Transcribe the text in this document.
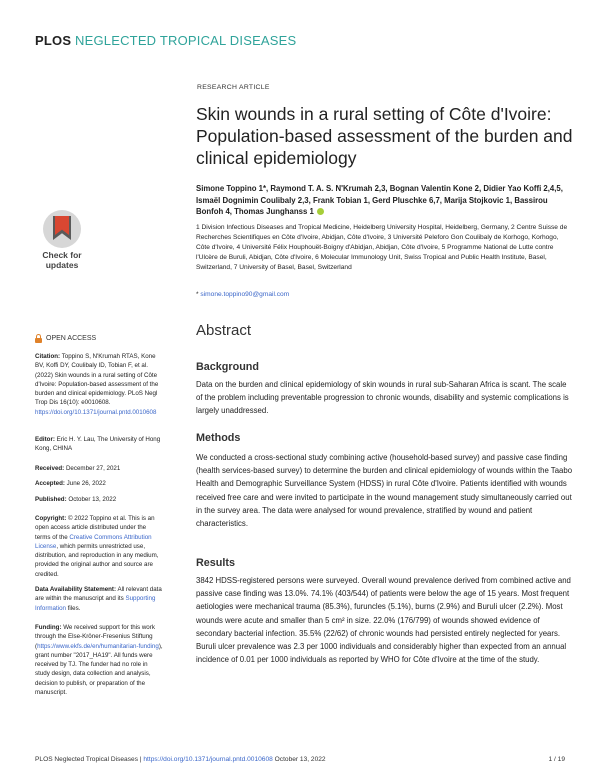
PLOS NEGLECTED TROPICAL DISEASES
Check for
updates
OPEN ACCESS
Citation: Toppino S, N'Krumah RTAS, Kone BV, Koffi DY, Coulibaly ID, Tobian F, et al. (2022) Skin wounds in a rural setting of Côte d'Ivoire: Population-based assessment of the burden and clinical epidemiology. PLoS Negl Trop Dis 16(10): e0010608. https://doi.org/10.1371/journal.pntd.0010608
Editor: Eric H. Y. Lau, The University of Hong Kong, CHINA
Received: December 27, 2021
Accepted: June 26, 2022
Published: October 13, 2022
Copyright: © 2022 Toppino et al. This is an open access article distributed under the terms of the Creative Commons Attribution License, which permits unrestricted use, distribution, and reproduction in any medium, provided the original author and source are credited.
Data Availability Statement: All relevant data are within the manuscript and its Supporting Information files.
Funding: We received support for this work through the Else-Kröner-Fresenius Stiftung (https://www.ekfs.de/en/humanitarian-funding), grant number "2017_HA19". All funds were received by TJ. The funder had no role in study design, data collection and analysis, decision to publish, or preparation of the manuscript.
RESEARCH ARTICLE
Skin wounds in a rural setting of Côte d'Ivoire: Population-based assessment of the burden and clinical epidemiology
Simone Toppino 1*, Raymond T. A. S. N'Krumah 2,3, Bognan Valentin Kone 2, Didier Yao Koffi 2,4,5, Ismaël Dognimin Coulibaly 2,3, Frank Tobian 1, Gerd Pluschke 6,7, Marija Stojkovic 1, Bassirou Bonfoh 4, Thomas Junghanss 1
1 Division Infectious Diseases and Tropical Medicine, Heidelberg University Hospital, Heidelberg, Germany, 2 Centre Suisse de Recherches Scientifiques en Côte d'Ivoire, Abidjan, Côte d'Ivoire, 3 Université Peleforo Gon Coulibaly de Korhogo, Korhogo, Côte d'Ivoire, 4 Université Félix Houphouët-Boigny d'Abidjan, Abidjan, Côte d'Ivoire, 5 Programme National de Lutte contre l'Ulcère de Buruli, Abidjan, Côte d'Ivoire, 6 Molecular Immunology Unit, Swiss Tropical and Public Health Institute, Basel, Switzerland, 7 University of Basel, Basel, Switzerland
* simone.toppino90@gmail.com
Abstract
Background
Data on the burden and clinical epidemiology of skin wounds in rural sub-Saharan Africa is scant. The scale of the problem including preventable progression to chronic wounds, disability and systemic complications is largely unaddressed.
Methods
We conducted a cross-sectional study combining active (household-based survey) and passive case finding (health services-based survey) to determine the burden and clinical epidemiology of wounds within the Taabo Health and Demographic Surveillance System (HDSS) in rural Côte d'Ivoire. Patients identified with wounds received free care and were invited to participate in the wound management study simultaneously carried out in the survey area. The data were analysed for wound prevalence, stratified by wound and patient characteristics.
Results
3842 HDSS-registered persons were surveyed. Overall wound prevalence derived from combined active and passive case finding was 13.0%. 74.1% (403/544) of patients were below the age of 15 years. Most frequent aetiologies were mechanical trauma (85.3%), furuncles (5.1%), burns (2.9%) and Buruli ulcer (2.2%). Most wounds were acute and smaller than 5 cm² in size. 22.0% (176/799) of wounds showed evidence of secondary bacterial infection. 35.5% (22/62) of chronic wounds had persisted entirely neglected for years. Buruli ulcer prevalence was 2.3 per 1000 individuals and considerably higher than expected from an annual incidence of 0.01 per 1000 individuals as reported by WHO for Côte d'Ivoire at the time of the study.
PLOS Neglected Tropical Diseases | https://doi.org/10.1371/journal.pntd.0010608 October 13, 2022	1 / 19
